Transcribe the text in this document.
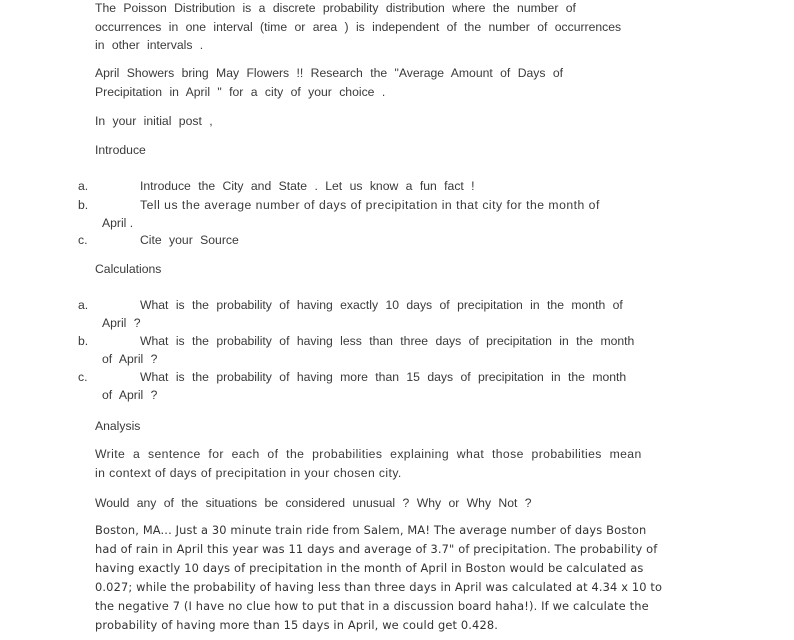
The Poisson Distribution is a discrete probability distribution where the number of
occurrences in one interval (time or area ) is independent of the number of occurrences
in other intervals .
April Showers bring May Flowers !! Research the "Average Amount of Days of
Precipitation in April " for a city of your choice .
In your initial post ,
Introduce
a.	Introduce the City and State . Let us know a fun fact !
b.	Tell us the average number of days of precipitation in that city for the month of
April .
c.	Cite your Source
Calculations
a.	What is the probability of having exactly 10 days of precipitation in the month of
April ?
b.	What is the probability of having less than three days of precipitation in the month
of April ?
c.	What is the probability of having more than 15 days of precipitation in the month
of April ?
Analysis
Write a sentence for each of the probabilities explaining what those probabilities mean
in context of days of precipitation in your chosen city.
Would any of the situations be considered unusual ? Why or Why Not ?
Boston, MA... Just a 30 minute train ride from Salem, MA! The average number of days Boston
had of rain in April this year was 11 days and average of 3.7" of precipitation. The probability of
having exactly 10 days of precipitation in the month of April in Boston would be calculated as
0.027; while the probability of having less than three days in April was calculated at 4.34 x 10 to
the negative 7 (I have no clue how to put that in a discussion board haha!). If we calculate the
probability of having more than 15 days in April, we could get 0.428.
